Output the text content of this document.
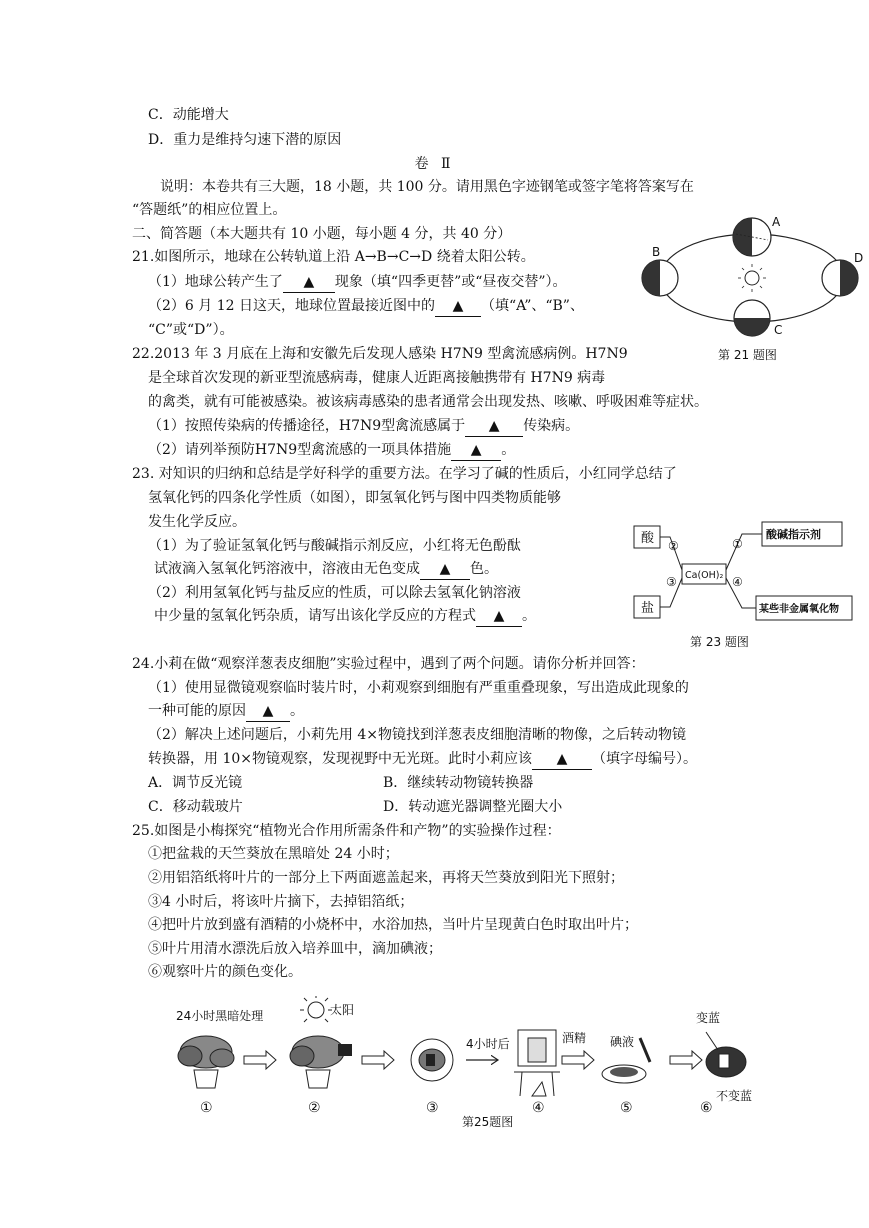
C．动能增大
D．重力是维持匀速下潜的原因
卷 Ⅱ
说明：本卷共有三大题，18 小题，共 100 分。请用黑色字迹钢笔或签字笔将答案写在
“答题纸”的相应位置上。
二、简答题（本大题共有 10 小题，每小题 4 分，共 40 分）
21.如图所示，地球在公转轨道上沿 A→B→C→D 绕着太阳公转。
（1）地球公转产生了 ▲ 现象（填“四季更替”或“昼夜交替”）。
（2）6 月 12 日这天，地球位置最接近图中的 ▲ （填“A”、“B”、
“C”或“D”）。
A
B
C
D
第 21 题图
22.2013 年 3 月底在上海和安徽先后发现人感染 H7N9 型禽流感病例。H7N9
是全球首次发现的新亚型流感病毒，健康人近距离接触携带有 H7N9 病毒
的禽类，就有可能被感染。被该病毒感染的患者通常会出现发热、咳嗽、呼吸困难等症状。
（1）按照传染病的传播途径，H7N9型禽流感属于 ▲ 传染病。
（2）请列举预防H7N9型禽流感的一项具体措施 ▲ 。
23. 对知识的归纳和总结是学好科学的重要方法。在学习了碱的性质后，小红同学总结了
氢氧化钙的四条化学性质（如图），即氢氧化钙与图中四类物质能够
发生化学反应。
（1）为了验证氢氧化钙与酸碱指示剂反应，小红将无色酚酞
试液滴入氢氧化钙溶液中，溶液由无色变成 ▲ 色。
（2）利用氢氧化钙与盐反应的性质，可以除去氢氧化钠溶液
中少量的氢氧化钙杂质，请写出该化学反应的方程式 ▲ 。
酸
盐
酸碱指示剂
某些非金属氧化物
Ca(OH)₂
②	①
③	④
第 23 题图
24.小莉在做“观察洋葱表皮细胞”实验过程中，遇到了两个问题。请你分析并回答：
（1）使用显微镜观察临时装片时，小莉观察到细胞有严重重叠现象，写出造成此现象的
一种可能的原因 ▲ 。
（2）解决上述问题后，小莉先用 4×物镜找到洋葱表皮细胞清晰的物像，之后转动物镜
转换器，用 10×物镜观察，发现视野中无光斑。此时小莉应该 ▲ （填字母编号）。
A．调节反光镜	B．继续转动物镜转换器
C．移动载玻片	D．转动遮光器调整光圈大小
25.如图是小梅探究“植物光合作用所需条件和产物”的实验操作过程：
①把盆栽的天竺葵放在黑暗处 24 小时；
②用铝箔纸将叶片的一部分上下两面遮盖起来，再将天竺葵放到阳光下照射；
③4 小时后，将该叶片摘下，去掉铝箔纸；
④把叶片放到盛有酒精的小烧杯中，水浴加热，当叶片呈现黄白色时取出叶片；
⑤叶片用清水漂洗后放入培养皿中，滴加碘液；
⑥观察叶片的颜色变化。
24小时黑暗处理	太阳
4小时后	酒精 碘液
变蓝
不变蓝
①	②	③	④	⑤	⑥
第25题图
